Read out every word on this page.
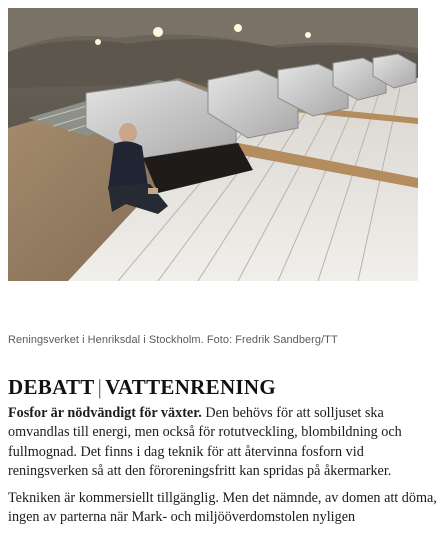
Reningsverket i Henriksdal i Stockholm. Foto: Fredrik Sandberg/TT
DEBATT | VATTENRENING

Fosfor är nödvändigt för växter. Den behövs för att solljuset ska omvandlas till energi, men också för rotutveckling, blombildning och fullmognad. Det finns i dag teknik för att återvinna fosforn vid reningsverken så att den föroreningsfritt kan spridas på åkermarker.

Tekniken är kommersiellt tillgänglig. Men det nämnde, av domen att döma, ingen av parterna när Mark- och miljööverdomstolen nyligen
